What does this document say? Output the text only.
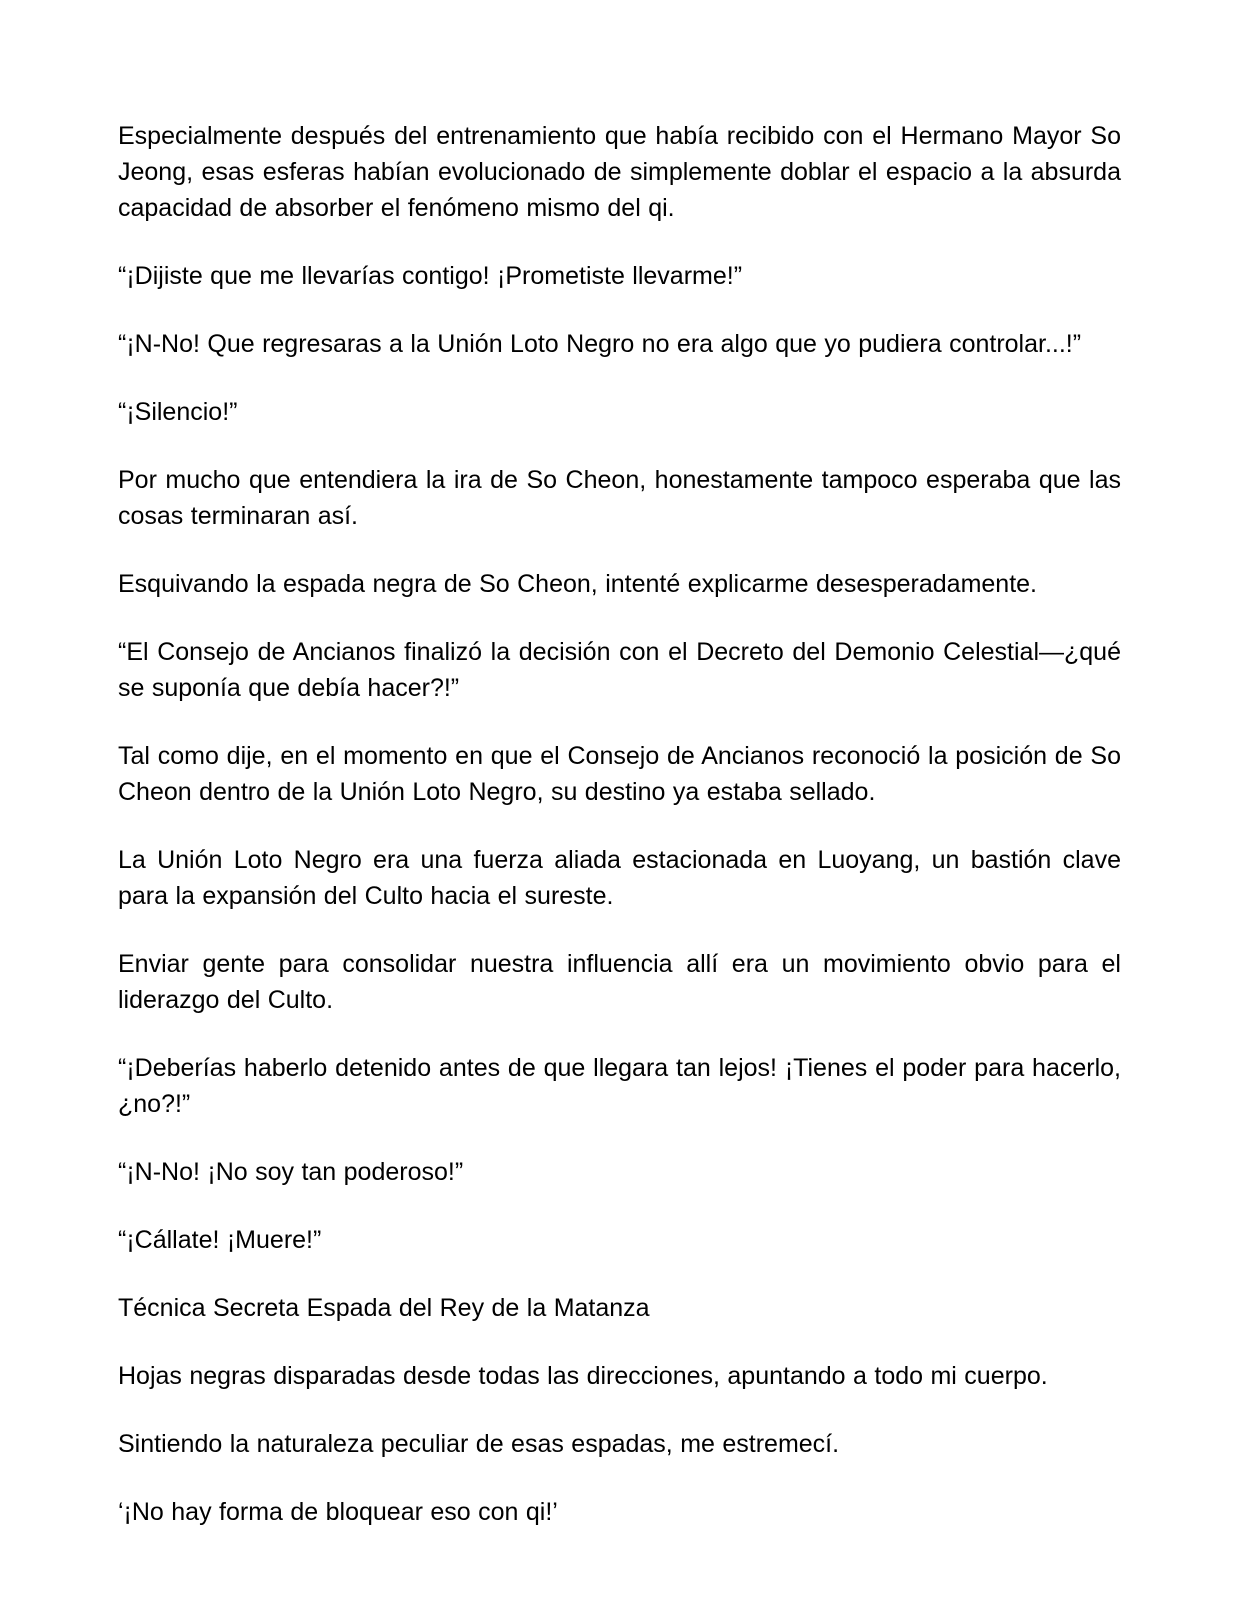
Especialmente después del entrenamiento que había recibido con el Hermano Mayor So Jeong, esas esferas habían evolucionado de simplemente doblar el espacio a la absurda capacidad de absorber el fenómeno mismo del qi.

“¡Dijiste que me llevarías contigo! ¡Prometiste llevarme!”

“¡N-No! Que regresaras a la Unión Loto Negro no era algo que yo pudiera controlar...!”

“¡Silencio!”

Por mucho que entendiera la ira de So Cheon, honestamente tampoco esperaba que las cosas terminaran así.

Esquivando la espada negra de So Cheon, intenté explicarme desesperadamente.

“El Consejo de Ancianos finalizó la decisión con el Decreto del Demonio Celestial—¿qué se suponía que debía hacer?!”

Tal como dije, en el momento en que el Consejo de Ancianos reconoció la posición de So Cheon dentro de la Unión Loto Negro, su destino ya estaba sellado.

La Unión Loto Negro era una fuerza aliada estacionada en Luoyang, un bastión clave para la expansión del Culto hacia el sureste.

Enviar gente para consolidar nuestra influencia allí era un movimiento obvio para el liderazgo del Culto.

“¡Deberías haberlo detenido antes de que llegara tan lejos! ¡Tienes el poder para hacerlo, ¿no?!”

“¡N-No! ¡No soy tan poderoso!”

“¡Cállate! ¡Muere!”

Técnica Secreta Espada del Rey de la Matanza

Hojas negras disparadas desde todas las direcciones, apuntando a todo mi cuerpo.

Sintiendo la naturaleza peculiar de esas espadas, me estremecí.

‘¡No hay forma de bloquear eso con qi!’
